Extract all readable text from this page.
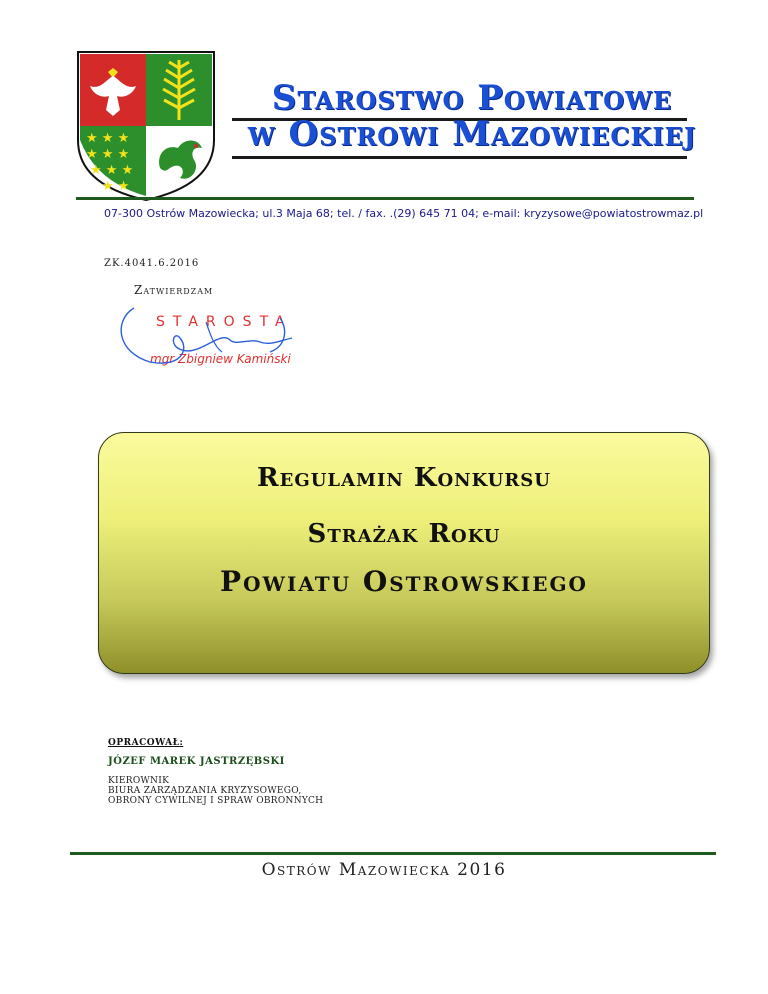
★ ★ ★
★ ★ ★
★ ★ ★
★ ★
Starostwo Powiatowe
w Ostrowi Mazowieckiej
07-300 Ostrów Mazowiecka; ul.3 Maja 68; tel. / fax. .(29) 645 71 04; e-mail: kryzysowe@powiatostrowmaz.pl
ZK.4041.6.2016
Zatwierdzam
STAROSTA
mgr Zbigniew Kamiński
Regulamin Konkursu
Strażak Roku
Powiatu Ostrowskiego
OPRACOWAŁ:
JÓZEF MAREK JASTRZĘBSKI
KIEROWNIK
BIURA ZARZĄDZANIA KRYZYSOWEGO,
OBRONY CYWILNEJ I SPRAW OBRONNYCH
Ostrów Mazowiecka 2016
